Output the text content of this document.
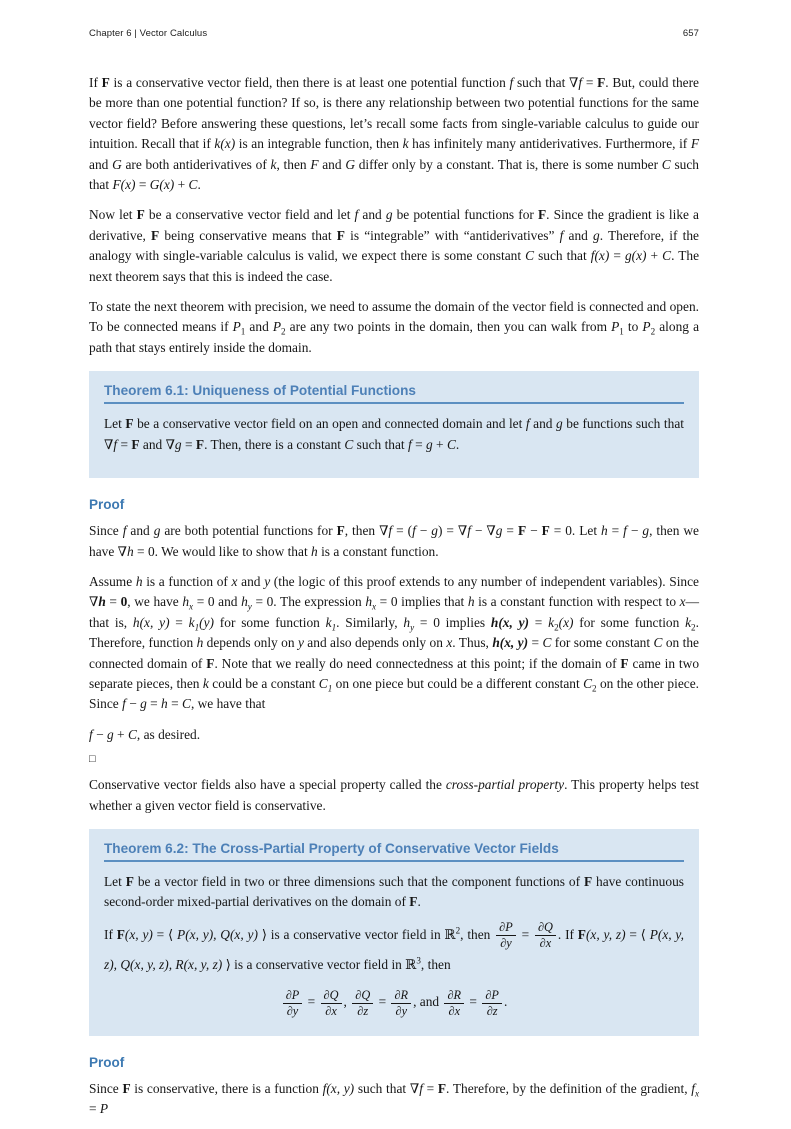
Chapter 6 | Vector Calculus	657

If F is a conservative vector field, then there is at least one potential function f such that ∇f = F. But, could there be more than one potential function? If so, is there any relationship between two potential functions for the same vector field? Before answering these questions, let’s recall some facts from single-variable calculus to guide our intuition. Recall that if k(x) is an integrable function, then k has infinitely many antiderivatives. Furthermore, if F and G are both antiderivatives of k, then F and G differ only by a constant. That is, there is some number C such that F(x) = G(x) + C.

Now let F be a conservative vector field and let f and g be potential functions for F. Since the gradient is like a derivative, F being conservative means that F is “integrable” with “antiderivatives” f and g. Therefore, if the analogy with single-variable calculus is valid, we expect there is some constant C such that f(x) = g(x) + C. The next theorem says that this is indeed the case.

To state the next theorem with precision, we need to assume the domain of the vector field is connected and open. To be connected means if $P_1$ and $P_2$ are any two points in the domain, then you can walk from $P_1$ to $P_2$ along a path that stays entirely inside the domain.

Theorem 6.1: Uniqueness of Potential Functions

Let F be a conservative vector field on an open and connected domain and let f and g be functions such that ∇f = F and ∇g = F. Then, there is a constant C such that f = g + C.

Proof

Since f and g are both potential functions for F, then ∇f = (f − g) = ∇f − ∇g = F − F = 0. Let h = f − g, then we have ∇h = 0. We would like to show that h is a constant function.

Assume h is a function of x and y (the logic of this proof extends to any number of independent variables). Since ∇h = 0, we have $h_x = 0$ and $h_y = 0$. The expression $h_x = 0$ implies that h is a constant function with respect to x—that is, h(x, $y) = k_1(y)$ for some function $k_1$. Similarly, $h_y = 0$ implies h(x, $y) = k_2(x)$ for some function $k_2$. Therefore, function h depends only on y and also depends only on x. Thus, h(x, y) = C for some constant C on the connected domain of F. Note that we really do need connectedness at this point; if the domain of F came in two separate pieces, then k could be a constant $C_1$ on one piece but could be a different constant $C_2$ on the other piece. Since f − g = h = C, we have that

f − g + C, as desired.

□

Conservative vector fields also have a special property called the cross-partial property. This property helps test whether a given vector field is conservative.

Theorem 6.2: The Cross-Partial Property of Conservative Vector Fields

Let F be a vector field in two or three dimensions such that the component functions of F have continuous second-order mixed-partial derivatives on the domain of F.

If F(x, y) = ⟨ P(x, y), Q(x, y) ⟩ is a conservative vector field in ℝ$^2$, then $\frac{\partial P}{\partial y} = \frac{\partial Q}{\partial x}$ . If F(x, y, z) = ⟨ P(x, y, z), Q(x, y, z), R(x, y, z) ⟩ is a conservative vector field in ℝ$^3$, then

$\frac{\partial P}{\partial y} = \frac{\partial Q}{\partial x}$ , $\frac{\partial Q}{\partial z} = \frac{\partial R}{\partial y}$ , and $\frac{\partial R}{\partial x} = \frac{\partial P}{\partial z}$ .
Proof

Since F is conservative, there is a function f(x, y) such that ∇f = F. Therefore, by the definition of the gradient, $f_x = P$
